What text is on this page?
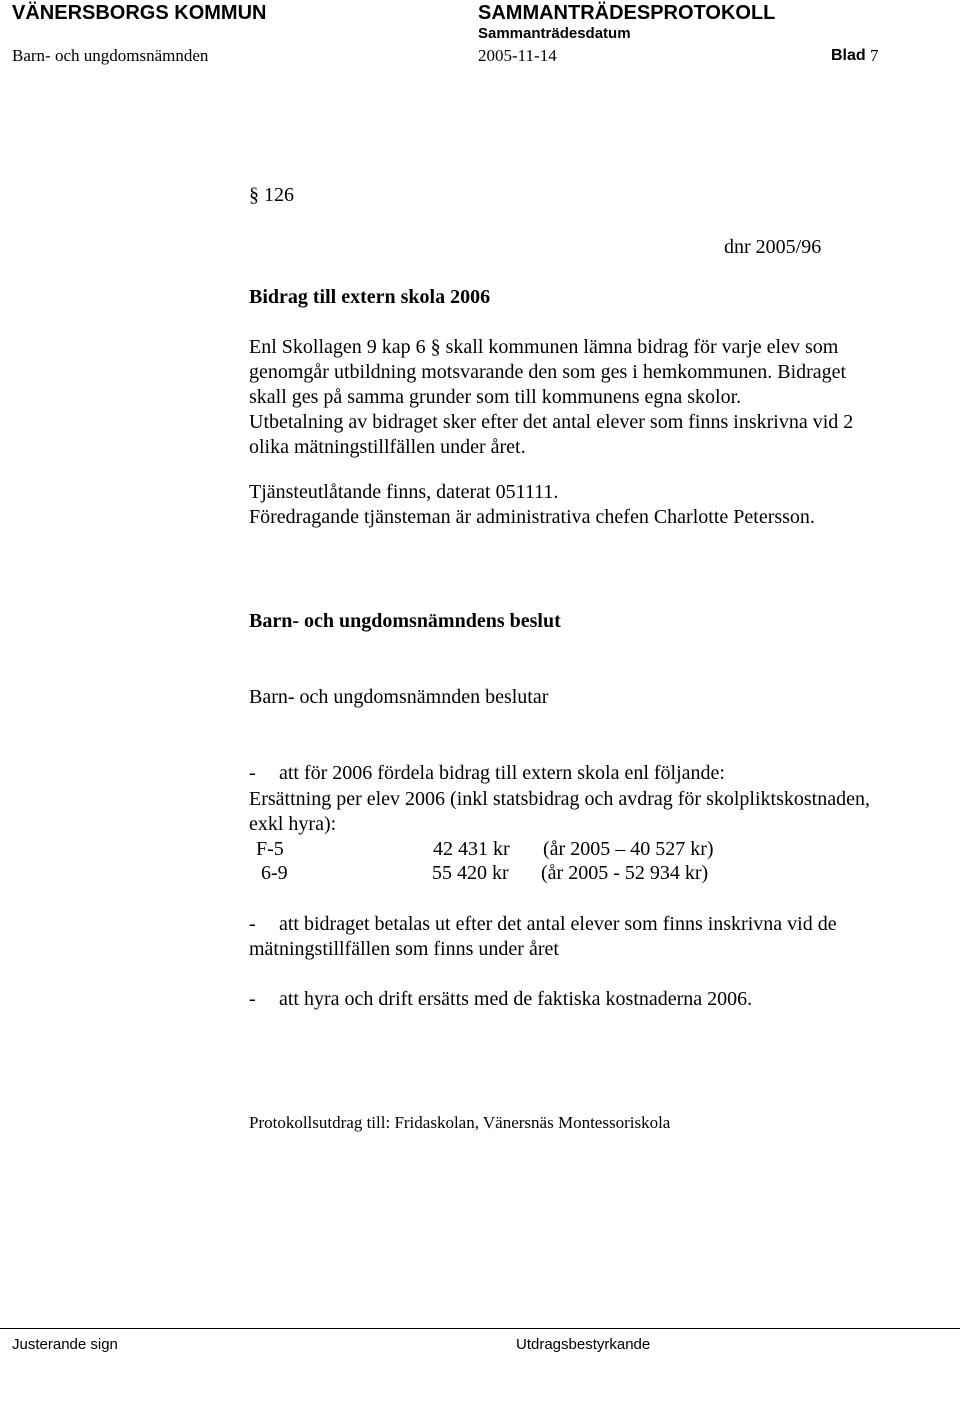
VÄNERSBORGS KOMMUN	SAMMANTRÄDESPROTOKOLL
Sammanträdesdatum
Barn- och ungdomsnämnden	2005-11-14	Blad 7
§ 126
dnr 2005/96
Bidrag till extern skola 2006
Enl Skollagen 9 kap 6 § skall kommunen lämna bidrag för varje elev som
genomgår utbildning motsvarande den som ges i hemkommunen. Bidraget
skall ges på samma grunder som till kommunens egna skolor.
Utbetalning av bidraget sker efter det antal elever som finns inskrivna vid 2
olika mätningstillfällen under året.
Tjänsteutlåtande finns, daterat 051111.
Föredragande tjänsteman är administrativa chefen Charlotte Petersson.
Barn- och ungdomsnämndens beslut
Barn- och ungdomsnämnden beslutar
- att för 2006 fördela bidrag till extern skola enl följande:
Ersättning per elev 2006 (inkl statsbidrag och avdrag för skolpliktskostnaden,
exkl hyra):
F-5	42 431 kr (år 2005 – 40 527 kr)
6-9	55 420 kr (år 2005 - 52 934 kr)
- att bidraget betalas ut efter det antal elever som finns inskrivna vid de
mätningstillfällen som finns under året
- att hyra och drift ersätts med de faktiska kostnaderna 2006.
Protokollsutdrag till: Fridaskolan, Vänersnäs Montessoriskola
Justerande sign	Utdragsbestyrkande
